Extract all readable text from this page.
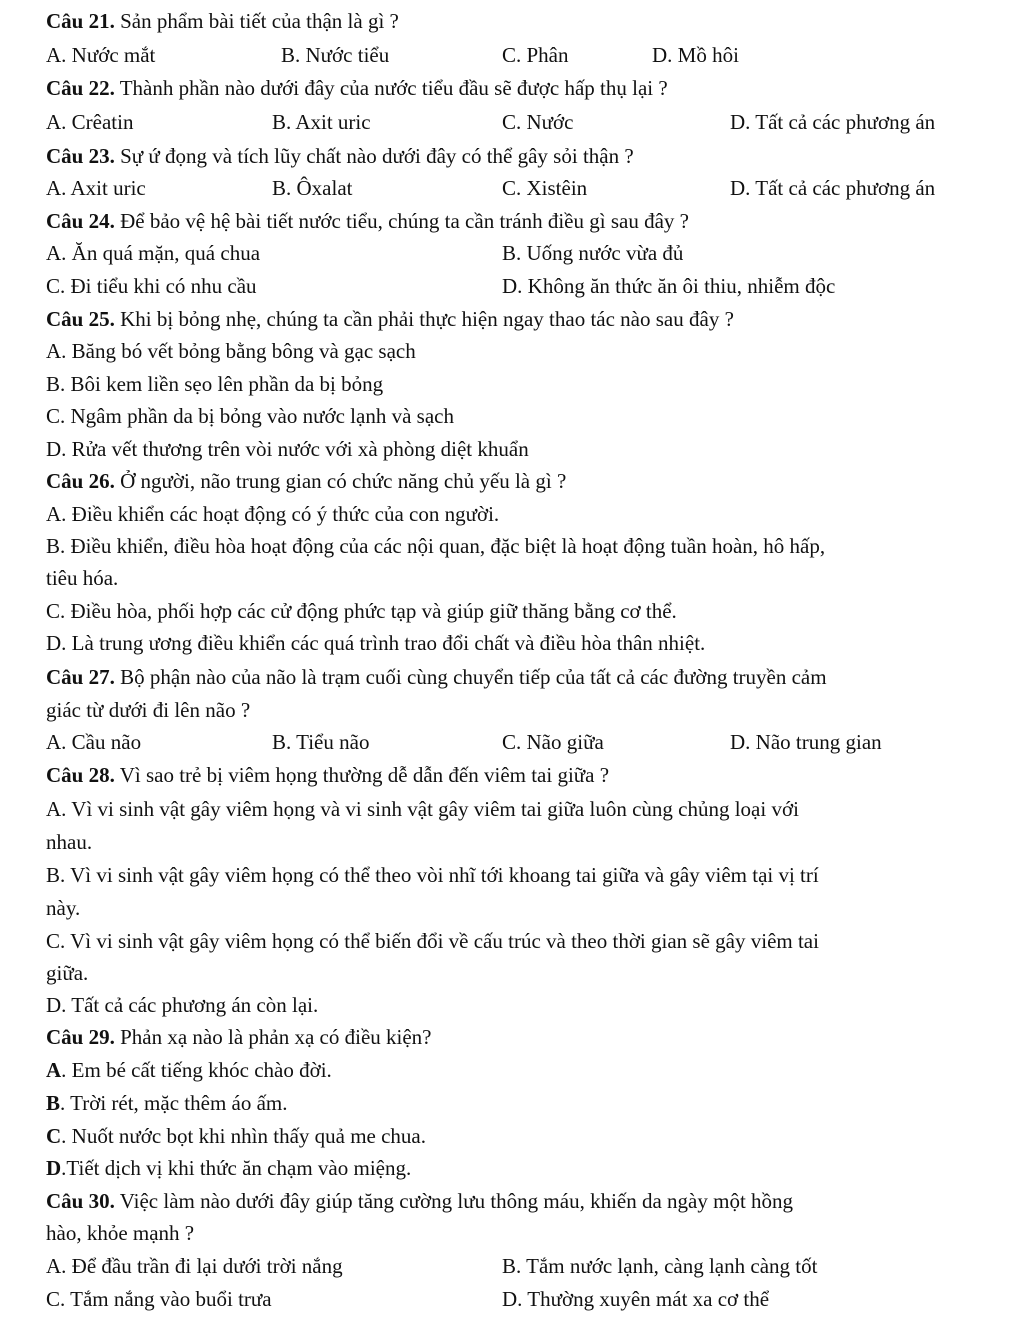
Câu 21. Sản phẩm bài tiết của thận là gì ?
A. Nước mắt	B. Nước tiểu	C. Phân	D. Mồ hôi
Câu 22. Thành phần nào dưới đây của nước tiểu đầu sẽ được hấp thụ lại ?
A. Crêatin	B. Axit uric	C. Nước	D. Tất cả các phương án
Câu 23. Sự ứ đọng và tích lũy chất nào dưới đây có thể gây sỏi thận ?
A. Axit uric	B. Ôxalat	C. Xistêin	D. Tất cả các phương án
Câu 24. Để bảo vệ hệ bài tiết nước tiểu, chúng ta cần tránh điều gì sau đây ?
A. Ăn quá mặn, quá chua	B. Uống nước vừa đủ
C. Đi tiểu khi có nhu cầu	D. Không ăn thức ăn ôi thiu, nhiễm độc
Câu 25. Khi bị bỏng nhẹ, chúng ta cần phải thực hiện ngay thao tác nào sau đây ?
A. Băng bó vết bỏng bằng bông và gạc sạch
B. Bôi kem liền sẹo lên phần da bị bỏng
C. Ngâm phần da bị bỏng vào nước lạnh và sạch
D. Rửa vết thương trên vòi nước với xà phòng diệt khuẩn
Câu 26. Ở người, não trung gian có chức năng chủ yếu là gì ?
A. Điều khiển các hoạt động có ý thức của con người.
B. Điều khiển, điều hòa hoạt động của các nội quan, đặc biệt là hoạt động tuần hoàn, hô hấp,
tiêu hóa.
C. Điều hòa, phối hợp các cử động phức tạp và giúp giữ thăng bằng cơ thể.
D. Là trung ương điều khiển các quá trình trao đổi chất và điều hòa thân nhiệt.
Câu 27. Bộ phận nào của não là trạm cuối cùng chuyển tiếp của tất cả các đường truyền cảm
giác từ dưới đi lên não ?
A. Cầu não	B. Tiểu não	C. Não giữa	D. Não trung gian
Câu 28. Vì sao trẻ bị viêm họng thường dễ dẫn đến viêm tai giữa ?
A. Vì vi sinh vật gây viêm họng và vi sinh vật gây viêm tai giữa luôn cùng chủng loại với
nhau.
B. Vì vi sinh vật gây viêm họng có thể theo vòi nhĩ tới khoang tai giữa và gây viêm tại vị trí
này.
C. Vì vi sinh vật gây viêm họng có thể biến đổi về cấu trúc và theo thời gian sẽ gây viêm tai
giữa.
D. Tất cả các phương án còn lại.
Câu 29. Phản xạ nào là phản xạ có điều kiện?
A. Em bé cất tiếng khóc chào đời.
B. Trời rét, mặc thêm áo ấm.
C. Nuốt nước bọt khi nhìn thấy quả me chua.
D.Tiết dịch vị khi thức ăn chạm vào miệng.
Câu 30. Việc làm nào dưới đây giúp tăng cường lưu thông máu, khiến da ngày một hồng
hào, khỏe mạnh ?
A. Để đầu trần đi lại dưới trời nắng	B. Tắm nước lạnh, càng lạnh càng tốt
C. Tắm nắng vào buổi trưa	D. Thường xuyên mát xa cơ thể
